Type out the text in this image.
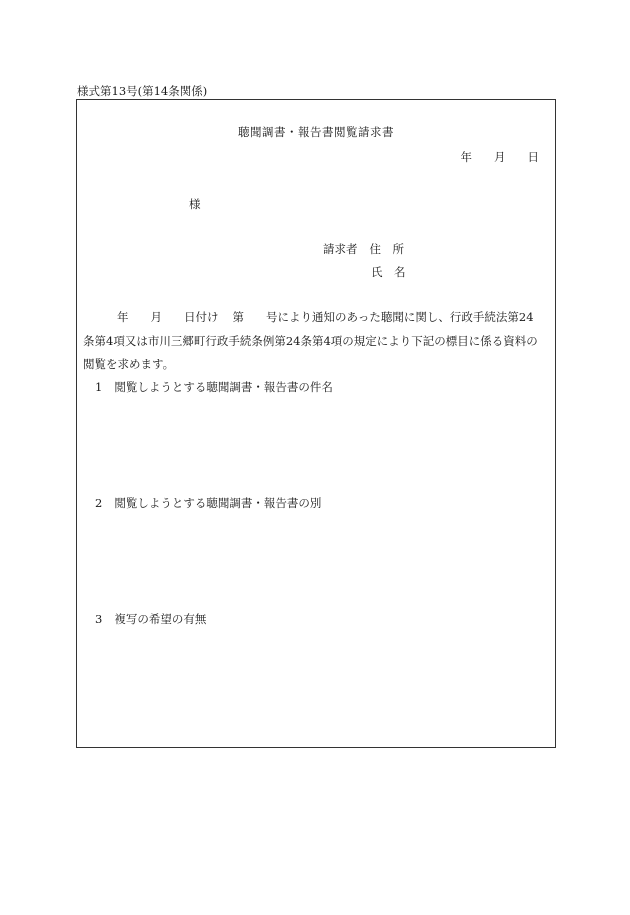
様式第13号(第14条関係)
聴聞調書・報告書閲覧請求書
年 月 日
様
請求者 住　所
氏　名
年 月 日付け 第 号により通知のあった聴聞に関し、行政手続法第24
条第4項又は市川三郷町行政手続条例第24条第4項の規定により下記の標目に係る資料の
閲覧を求めます。
1 閲覧しようとする聴聞調書・報告書の件名
2 閲覧しようとする聴聞調書・報告書の別
3 複写の希望の有無
